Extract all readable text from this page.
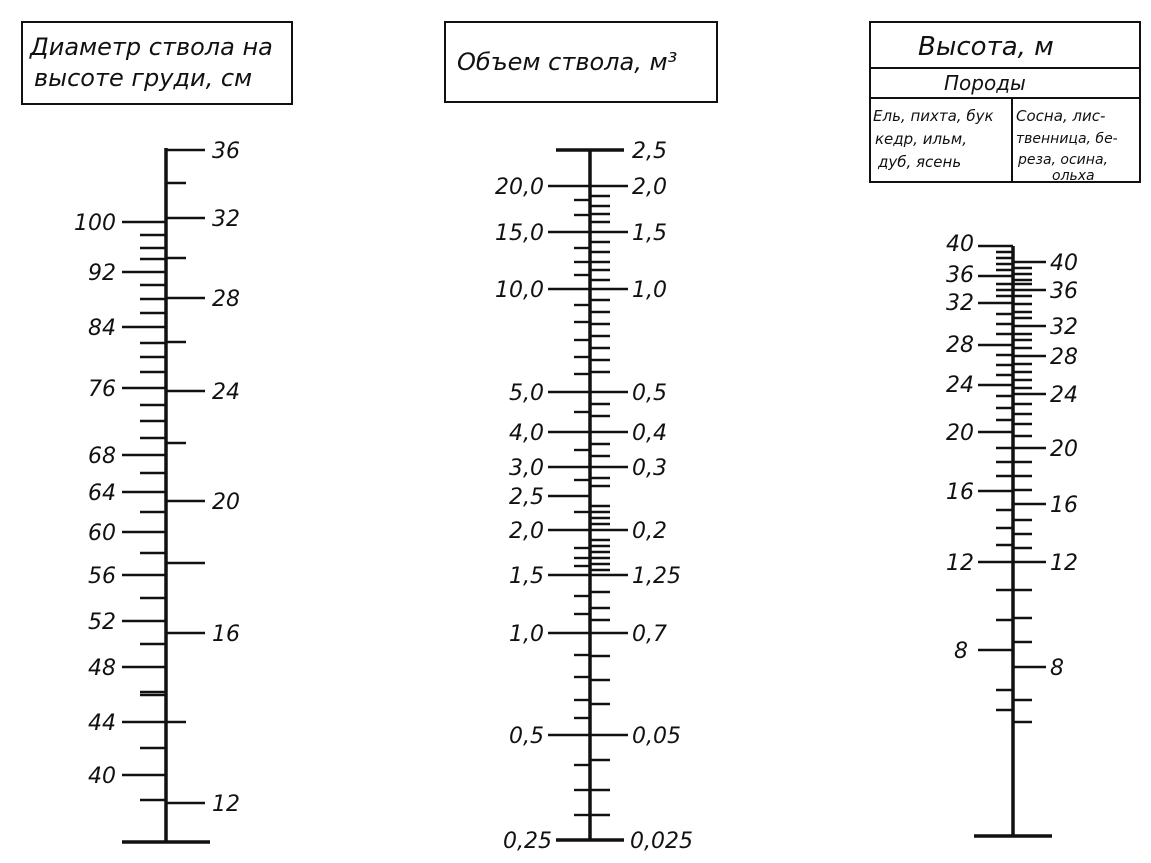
Диаметр ствола на
высоте груди, см
Объем ствола, м³	Высота, м
Породы
Ель, пихта, бук
кедр, ильм,
дуб, ясень
Сосна, лис-
твенница, бе-
реза, осина,
ольха
100
92
84
76
68
64
60
56
52
48
44
40
36
32
28
24
20
16
12
20,0
15,0
10,0
5,0
4,0
3,0
2,5
2,0
1,5
1,0
0,5
0,25
2,5
2,0
1,5
1,0
0,5
0,4
0,3
0,2
1,25
0,7
0,05
0,025
40
36
32
28
24
20
16
12
8
40
36
32
28
24
20
16
12
8
